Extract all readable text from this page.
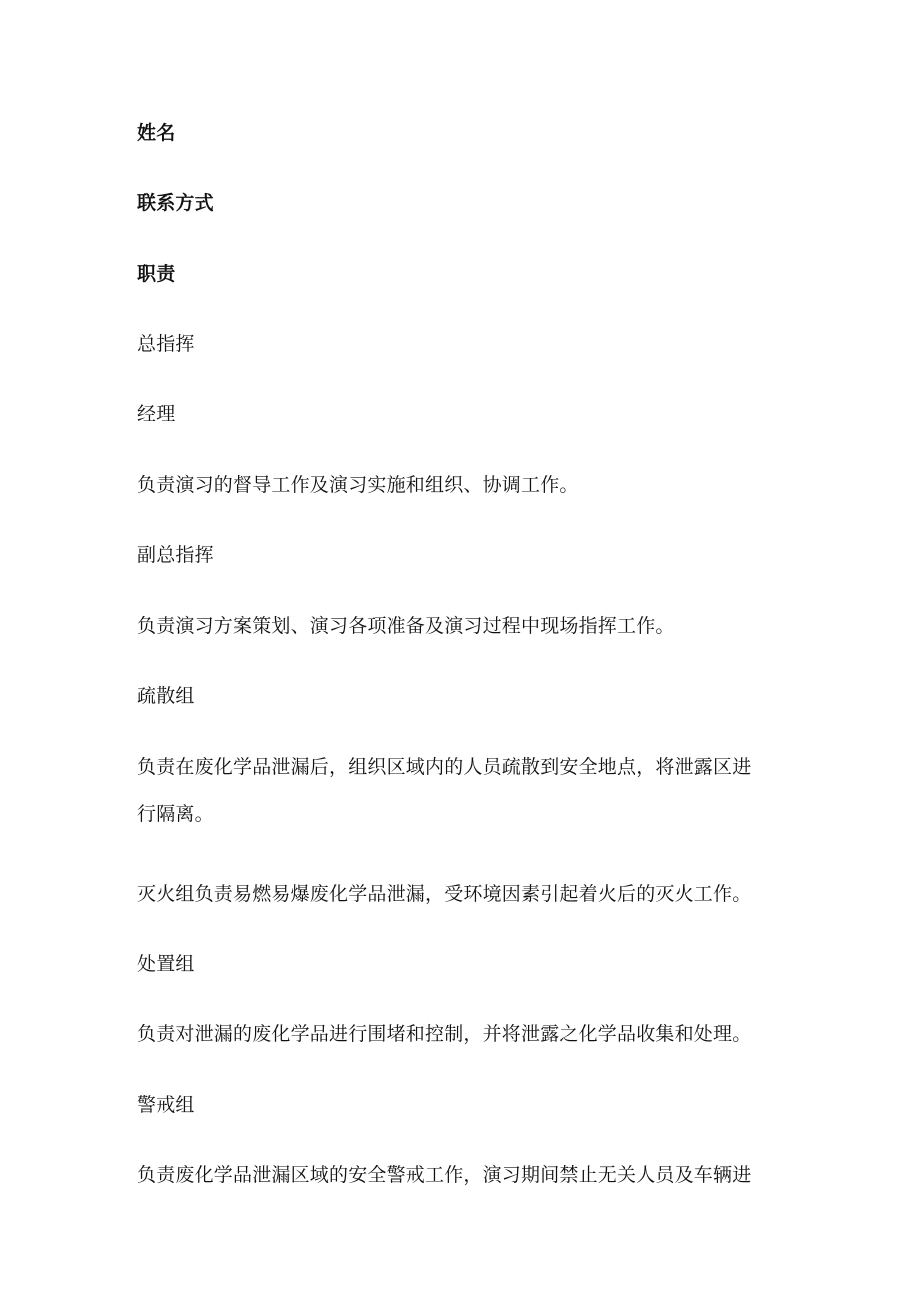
姓名
联系方式
职责
总指挥
经理
负责演习的督导工作及演习实施和组织、协调工作。
副总指挥
负责演习方案策划、演习各项准备及演习过程中现场指挥工作。
疏散组
负责在废化学品泄漏后，组织区域内的人员疏散到安全地点，将泄露区进
行隔离。
灭火组负责易燃易爆废化学品泄漏，受环境因素引起着火后的灭火工作。
处置组
负责对泄漏的废化学品进行围堵和控制，并将泄露之化学品收集和处理。
警戒组
负责废化学品泄漏区域的安全警戒工作，演习期间禁止无关人员及车辆进
